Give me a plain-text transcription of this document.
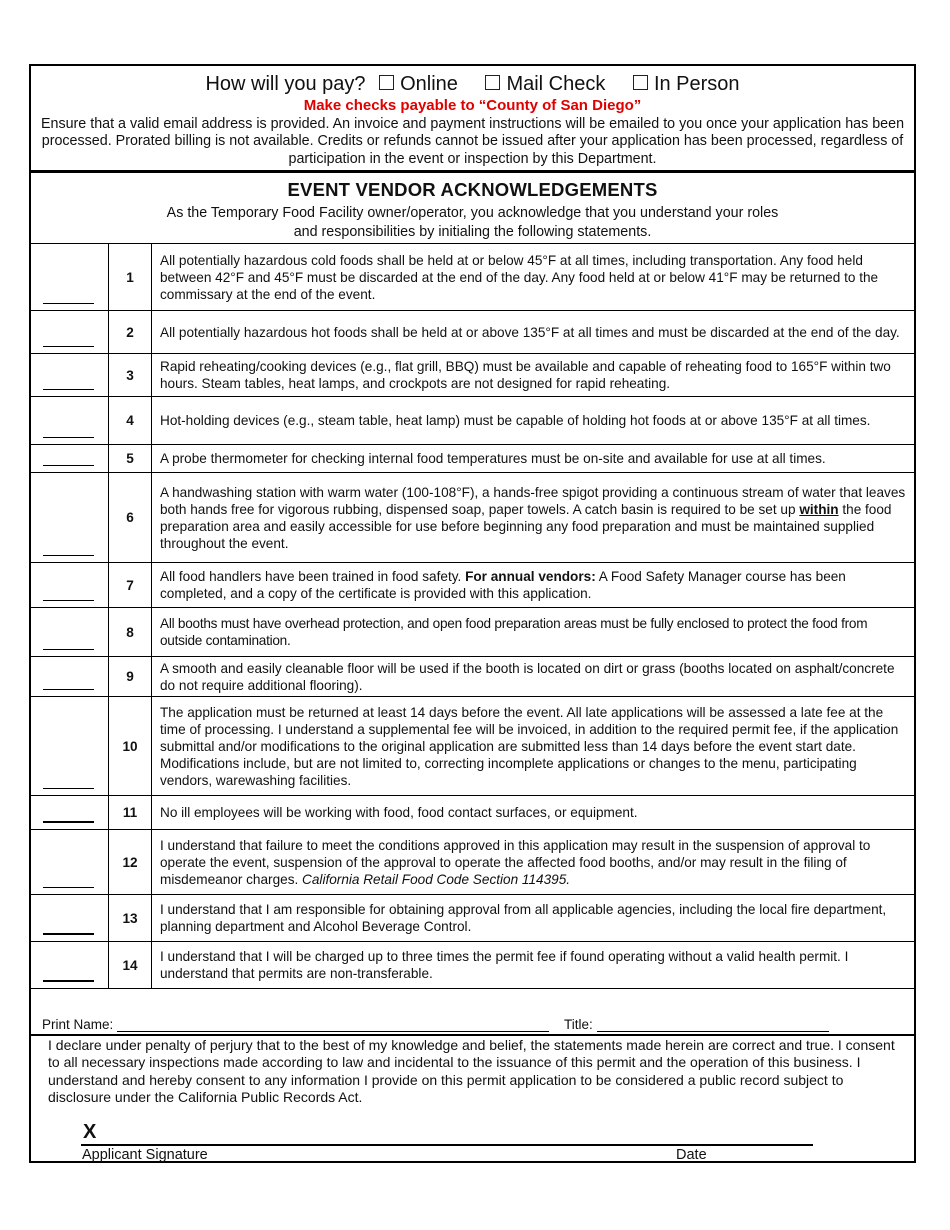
How will you pay? Online Mail Check In Person
Make checks payable to “County of San Diego”
Ensure that a valid email address is provided. An invoice and payment instructions will be emailed to you once your application has been processed. Prorated billing is not available. Credits or refunds cannot be issued after your application has been processed, regardless of participation in the event or inspection by this Department.
EVENT VENDOR ACKNOWLEDGEMENTS
As the Temporary Food Facility owner/operator, you acknowledge that you understand your roles
and responsibilities by initialing the following statements.
	1	All potentially hazardous cold foods shall be held at or below 45°F at all times, including transportation. Any food held between 42°F and 45°F must be discarded at the end of the day. Any food held at or below 41°F may be returned to the commissary at the end of the event.

	2	All potentially hazardous hot foods shall be held at or above 135°F at all times and must be discarded at the end of the day.

	3	Rapid reheating/cooking devices (e.g., flat grill, BBQ) must be available and capable of reheating food to 165°F within two hours. Steam tables, heat lamps, and crockpots are not designed for rapid reheating.

	4	Hot-holding devices (e.g., steam table, heat lamp) must be capable of holding hot foods at or above 135°F at all times.

	5	A probe thermometer for checking internal food temperatures must be on-site and available for use at all times.

	6	A handwashing station with warm water (100-108°F), a hands-free spigot providing a continuous stream of water that leaves both hands free for vigorous rubbing, dispensed soap, paper towels. A catch basin is required to be set up within the food preparation area and easily accessible for use before beginning any food preparation and must be maintained supplied throughout the event.

	7	All food handlers have been trained in food safety. For annual vendors: A Food Safety Manager course has been completed, and a copy of the certificate is provided with this application.

	8	All booths must have overhead protection, and open food preparation areas must be fully enclosed to protect the food from outside contamination.

	9	A smooth and easily cleanable floor will be used if the booth is located on dirt or grass (booths located on asphalt/concrete do not require additional flooring).

	10	The application must be returned at least 14 days before the event. All late applications will be assessed a late fee at the time of processing. I understand a supplemental fee will be invoiced, in addition to the required permit fee, if the application submittal and/or modifications to the original application are submitted less than 14 days before the event start date. Modifications include, but are not limited to, correcting incomplete applications or changes to the menu, participating vendors, warewashing facilities.

	11	No ill employees will be working with food, food contact surfaces, or equipment.

	12	I understand that failure to meet the conditions approved in this application may result in the suspension of approval to operate the event, suspension of the approval to operate the affected food booths, and/or may result in the filing of misdemeanor charges. California Retail Food Code Section 114395.

	13	I understand that I am responsible for obtaining approval from all applicable agencies, including the local fire department, planning department and Alcohol Beverage Control.

	14	I understand that I will be charged up to three times the permit fee if found operating without a valid health permit. I understand that permits are non-transferable.
Print Name:	Title:
I declare under penalty of perjury that to the best of my knowledge and belief, the statements made herein are correct and true. I consent to all necessary inspections made according to law and incidental to the issuance of this permit and the operation of this business. I understand and hereby consent to any information I provide on this permit application to be considered a public record subject to disclosure under the California Public Records Act.
X
Applicant Signature	Date
